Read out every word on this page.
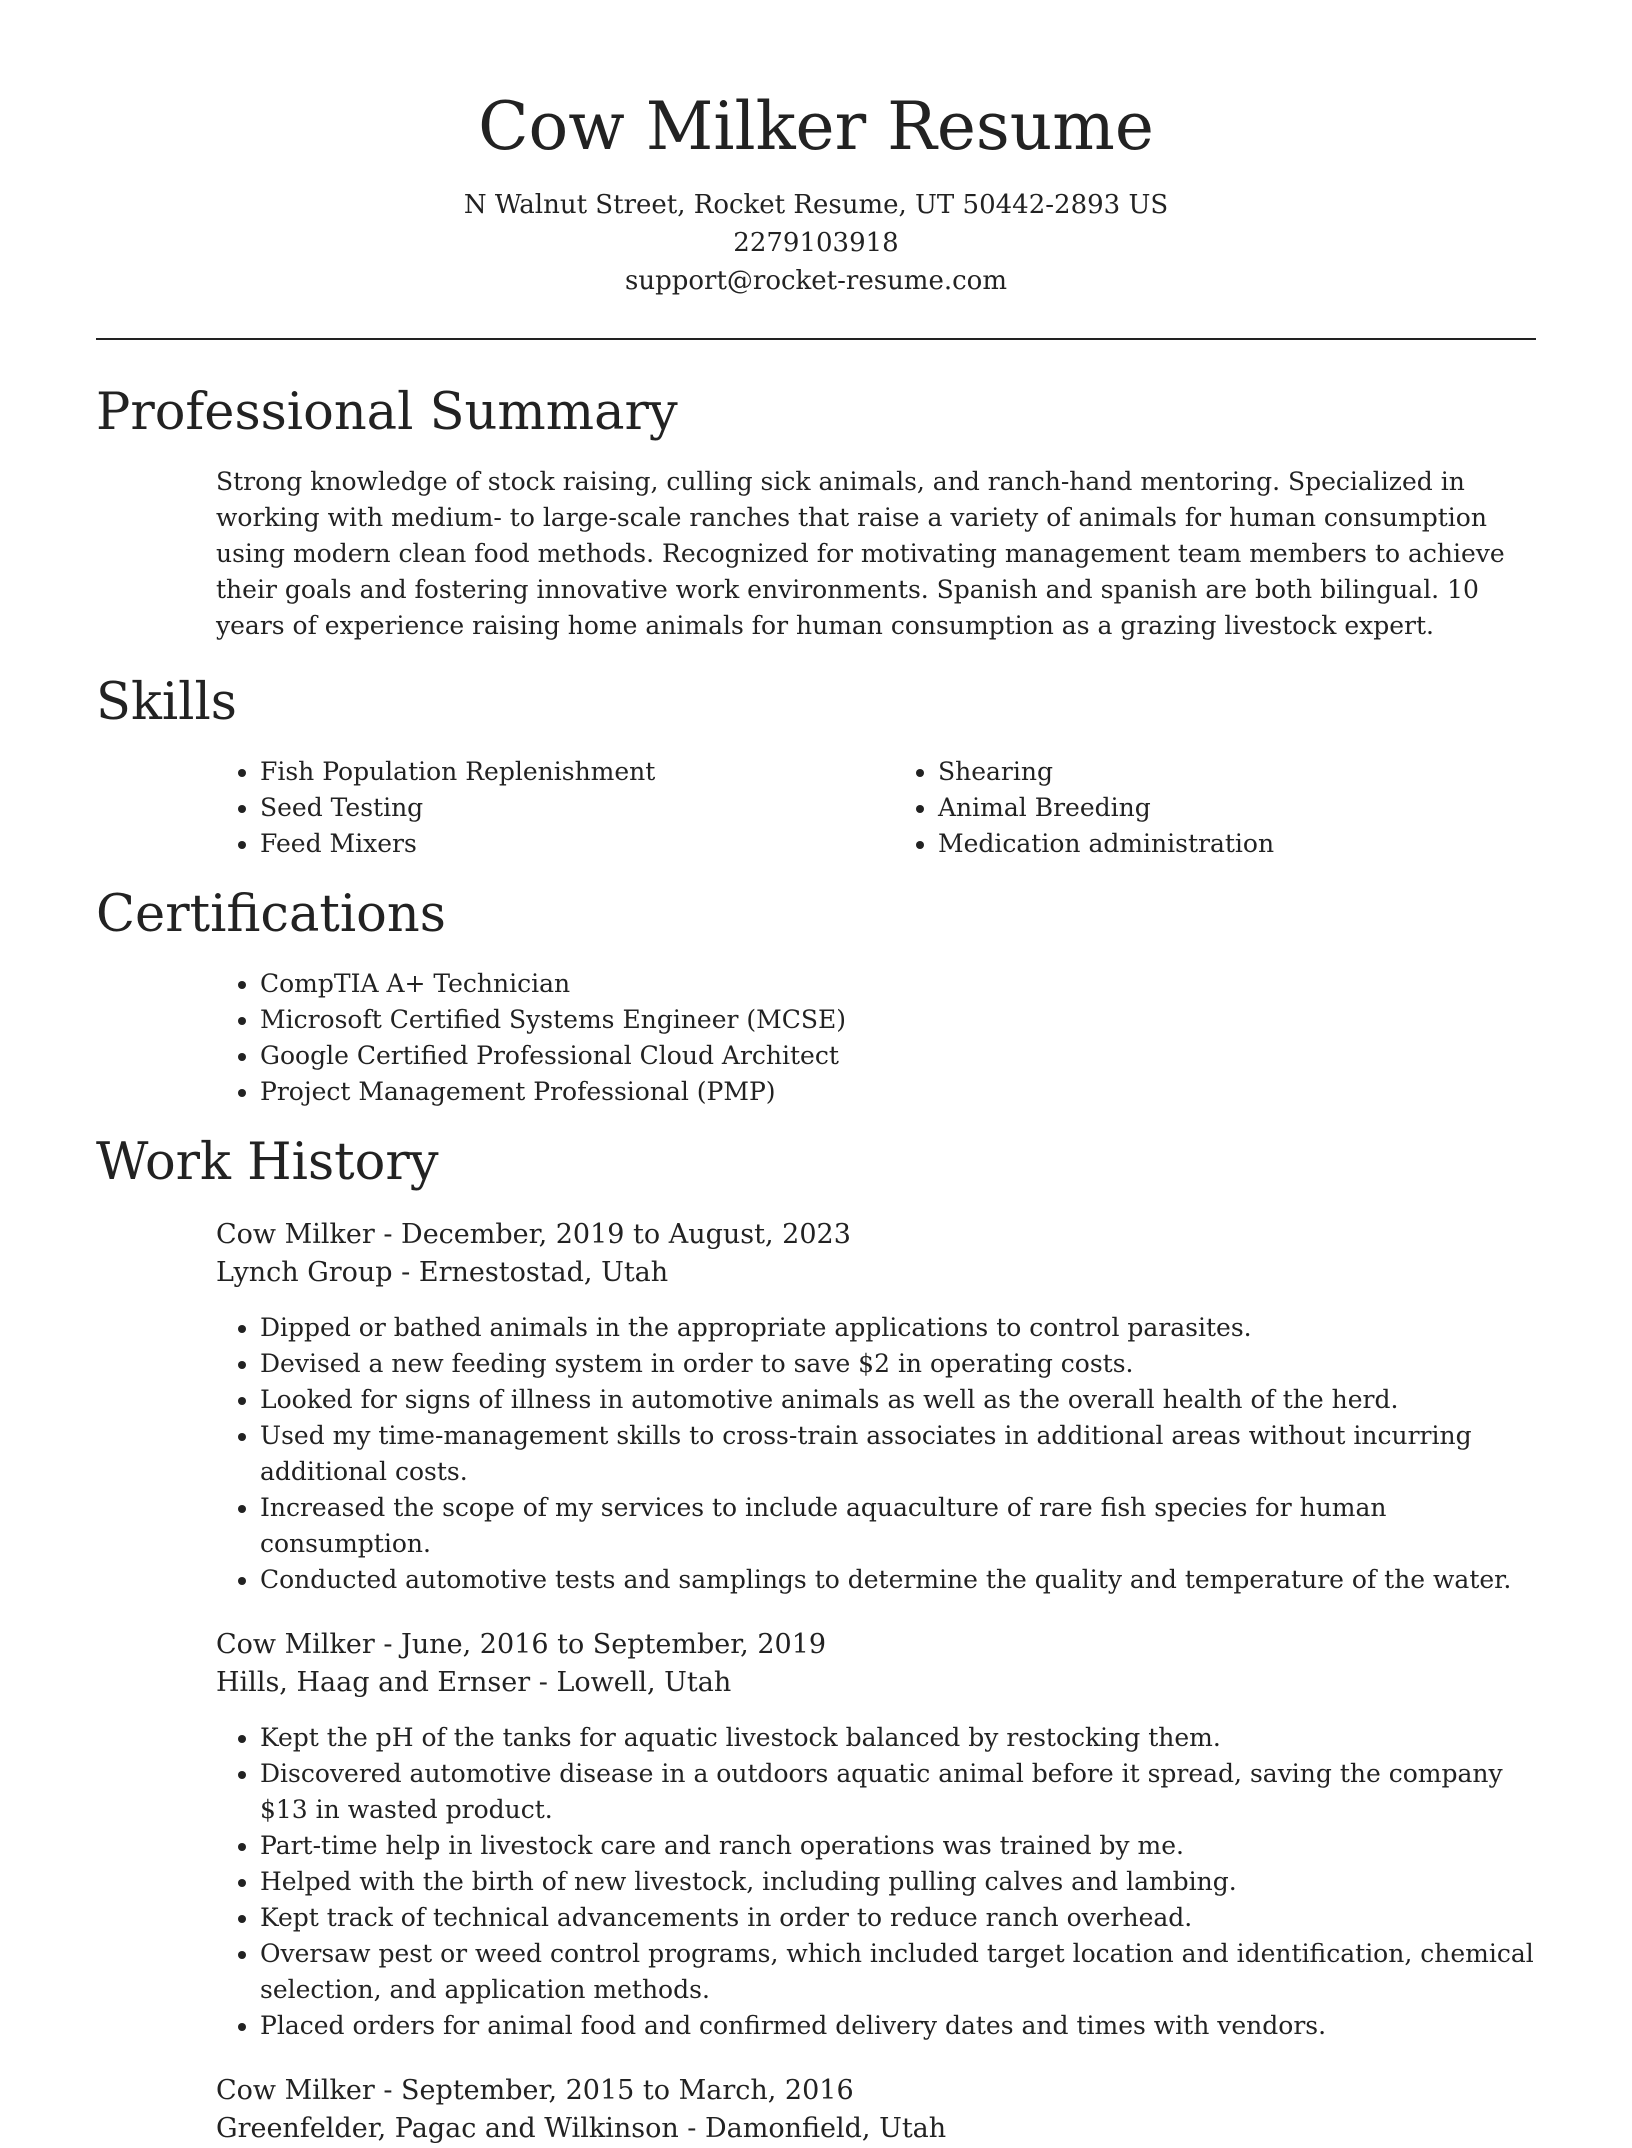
Cow Milker Resume
N Walnut Street, Rocket Resume, UT 50442-2893 US
2279103918
support@rocket-resume.com
Professional Summary

Strong knowledge of stock raising, culling sick animals, and ranch-hand mentoring. Specialized in working with medium- to large-scale ranches that raise a variety of animals for human consumption using modern clean food methods. Recognized for motivating management team members to achieve their goals and fostering innovative work environments. Spanish and spanish are both bilingual. 10 years of experience raising home animals for human consumption as a grazing livestock expert.

Skills
• Fish Population Replenishment
• Seed Testing
• Feed Mixers
• Shearing
• Animal Breeding
• Medication administration
Certifications
• CompTIA A+ Technician
• Microsoft Certified Systems Engineer (MCSE)
• Google Certified Professional Cloud Architect
• Project Management Professional (PMP)
Work History
Cow Milker - December, 2019 to August, 2023
Lynch Group - Ernestostad, Utah
• Dipped or bathed animals in the appropriate applications to control parasites.
• Devised a new feeding system in order to save $2 in operating costs.
• Looked for signs of illness in automotive animals as well as the overall health of the herd.
• Used my time-management skills to cross-train associates in additional areas without incurring additional costs.
• Increased the scope of my services to include aquaculture of rare fish species for human consumption.
• Conducted automotive tests and samplings to determine the quality and temperature of the water.
Cow Milker - June, 2016 to September, 2019
Hills, Haag and Ernser - Lowell, Utah
• Kept the pH of the tanks for aquatic livestock balanced by restocking them.
• Discovered automotive disease in a outdoors aquatic animal before it spread, saving the company $13 in wasted product.
• Part-time help in livestock care and ranch operations was trained by me.
• Helped with the birth of new livestock, including pulling calves and lambing.
• Kept track of technical advancements in order to reduce ranch overhead.
• Oversaw pest or weed control programs, which included target location and identification, chemical selection, and application methods.
• Placed orders for animal food and confirmed delivery dates and times with vendors.
Cow Milker - September, 2015 to March, 2016
Greenfelder, Pagac and Wilkinson - Damonfield, Utah
